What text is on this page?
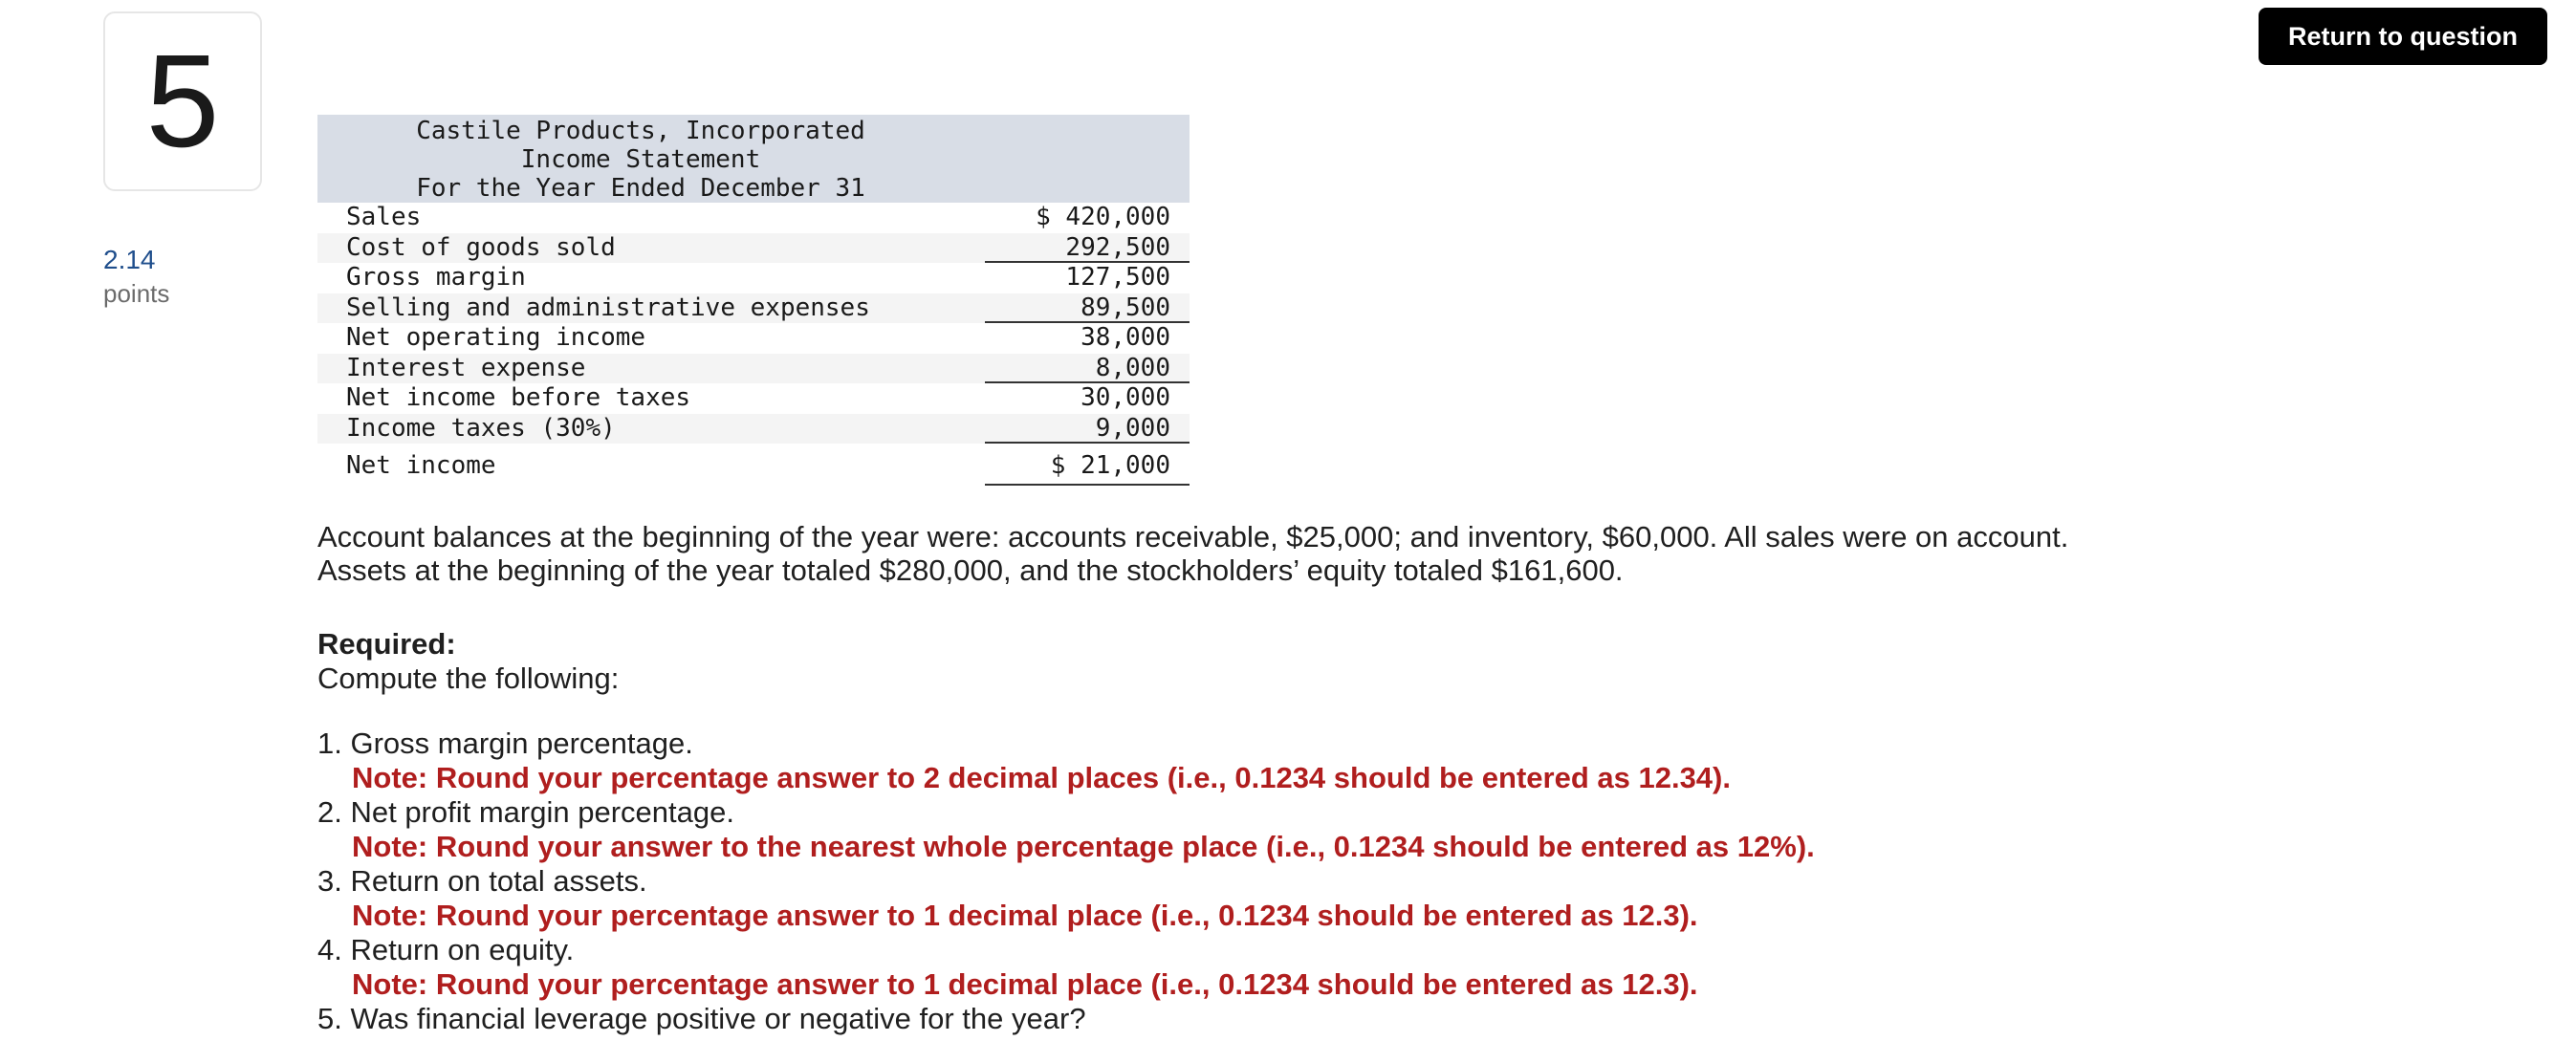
5
2.14
points
Return to question
Castile Products, Incorporated
Income Statement
For the Year Ended December 31
Sales	$ 420,000
Cost of goods sold	292,500
Gross margin	127,500
Selling and administrative expenses	89,500
Net operating income	38,000
Interest expense	8,000
Net income before taxes	30,000
Income taxes (30%)	9,000
Net income	$ 21,000

Account balances at the beginning of the year were: accounts receivable, $25,000; and inventory, $60,000. All sales were on account.

Assets at the beginning of the year totaled $280,000, and the stockholders’ equity totaled $161,600.

Required:
Compute the following:
1. Gross margin percentage.
Note: Round your percentage answer to 2 decimal places (i.e., 0.1234 should be entered as 12.34).
2. Net profit margin percentage.
Note: Round your answer to the nearest whole percentage place (i.e., 0.1234 should be entered as 12%).
3. Return on total assets.
Note: Round your percentage answer to 1 decimal place (i.e., 0.1234 should be entered as 12.3).
4. Return on equity.
Note: Round your percentage answer to 1 decimal place (i.e., 0.1234 should be entered as 12.3).
5. Was financial leverage positive or negative for the year?
